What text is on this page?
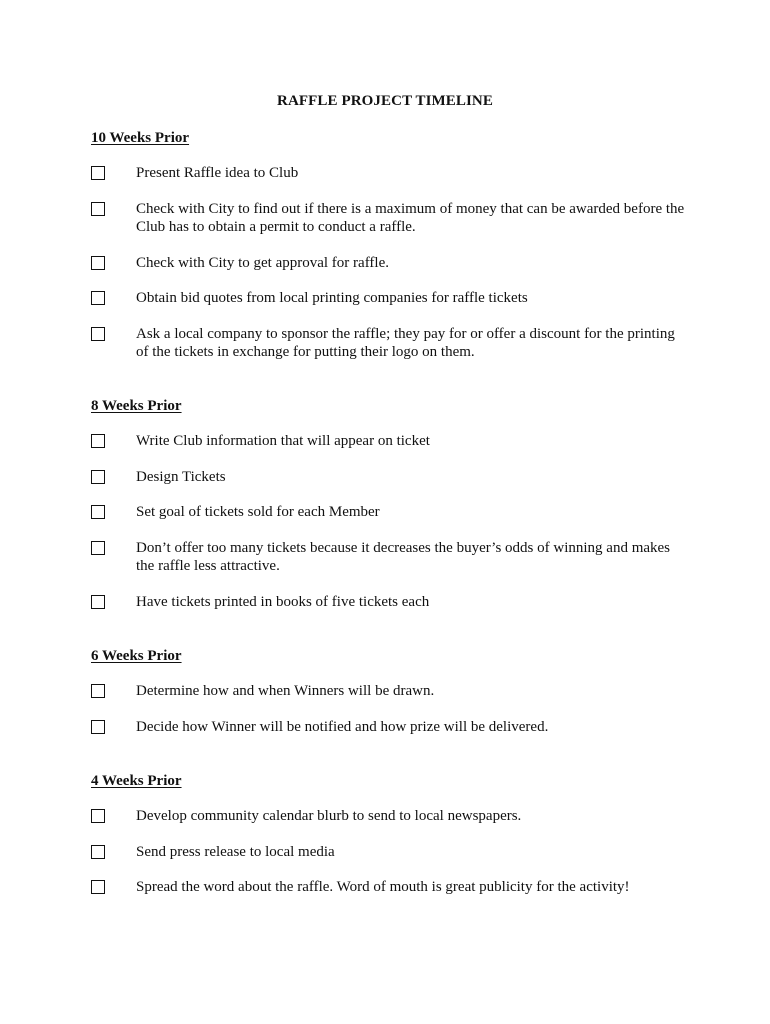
RAFFLE PROJECT TIMELINE
10 Weeks Prior
Present Raffle idea to Club
Check with City to find out if there is a maximum of money that can be awarded before the Club has to obtain a permit to conduct a raffle.
Check with City to get approval for raffle.
Obtain bid quotes from local printing companies for raffle tickets
Ask a local company to sponsor the raffle; they pay for or offer a discount for the printing of the tickets in exchange for putting their logo on them.
8 Weeks Prior
Write Club information that will appear on ticket
Design Tickets
Set goal of tickets sold for each Member
Don’t offer too many tickets because it decreases the buyer’s odds of winning and makes the raffle less attractive.
Have tickets printed in books of five tickets each
6 Weeks Prior
Determine how and when Winners will be drawn.
Decide how Winner will be notified and how prize will be delivered.
4 Weeks Prior
Develop community calendar blurb to send to local newspapers.
Send press release to local media
Spread the word about the raffle. Word of mouth is great publicity for the activity!
